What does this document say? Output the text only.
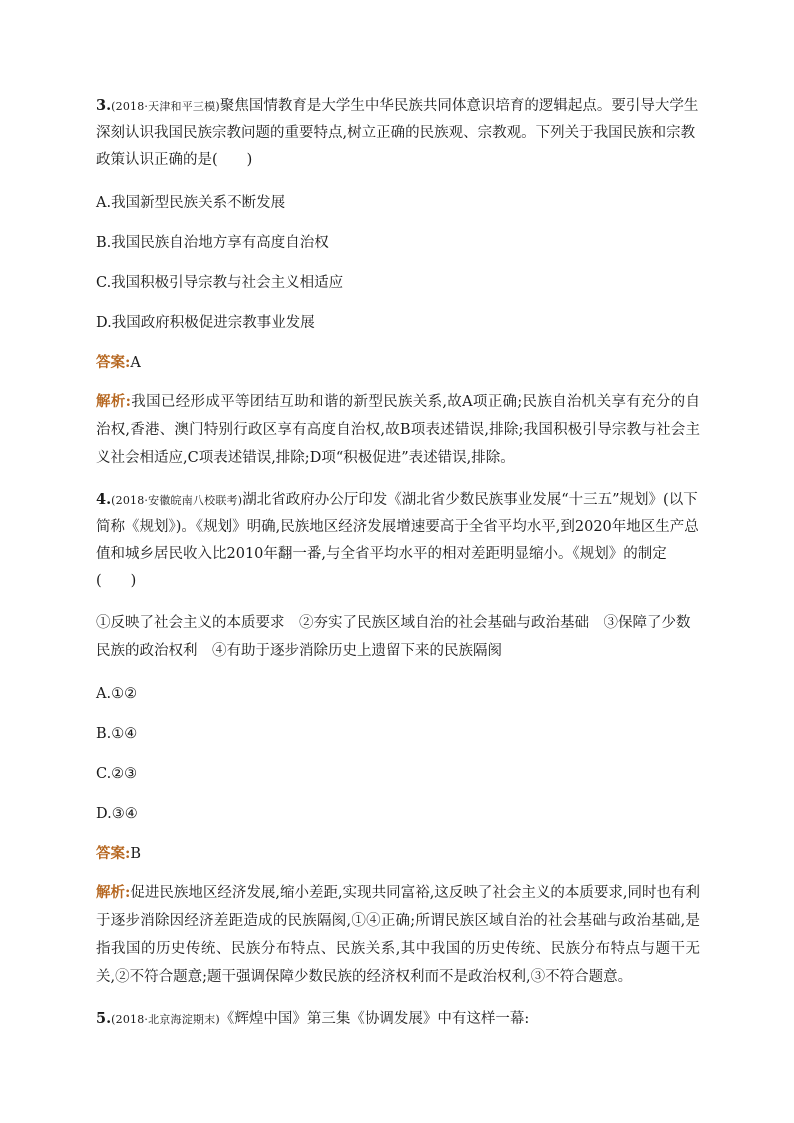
3.(2018·天津和平三模)聚焦国情教育是大学生中华民族共同体意识培育的逻辑起点。要引导大学生深刻认识我国民族宗教问题的重要特点,树立正确的民族观、宗教观。下列关于我国民族和宗教政策认识正确的是(　　)

A.我国新型民族关系不断发展

B.我国民族自治地方享有高度自治权

C.我国积极引导宗教与社会主义相适应

D.我国政府积极促进宗教事业发展

答案:A

解析:我国已经形成平等团结互助和谐的新型民族关系,故A项正确;民族自治机关享有充分的自治权,香港、澳门特别行政区享有高度自治权,故B项表述错误,排除;我国积极引导宗教与社会主义社会相适应,C项表述错误,排除;D项“积极促进”表述错误,排除。

4.(2018·安徽皖南八校联考)湖北省政府办公厅印发《湖北省少数民族事业发展“十三五”规划》(以下简称《规划》)。《规划》明确,民族地区经济发展增速要高于全省平均水平,到2020年地区生产总值和城乡居民收入比2010年翻一番,与全省平均水平的相对差距明显缩小。《规划》的制定(　　)

①反映了社会主义的本质要求　②夯实了民族区域自治的社会基础与政治基础　③保障了少数民族的政治权利　④有助于逐步消除历史上遗留下来的民族隔阂

A.①②

B.①④

C.②③

D.③④

答案:B

解析:促进民族地区经济发展,缩小差距,实现共同富裕,这反映了社会主义的本质要求,同时也有利于逐步消除因经济差距造成的民族隔阂,①④正确;所谓民族区域自治的社会基础与政治基础,是指我国的历史传统、民族分布特点、民族关系,其中我国的历史传统、民族分布特点与题干无关,②不符合题意;题干强调保障少数民族的经济权利而不是政治权利,③不符合题意。

5.(2018·北京海淀期末)《辉煌中国》第三集《协调发展》中有这样一幕:
